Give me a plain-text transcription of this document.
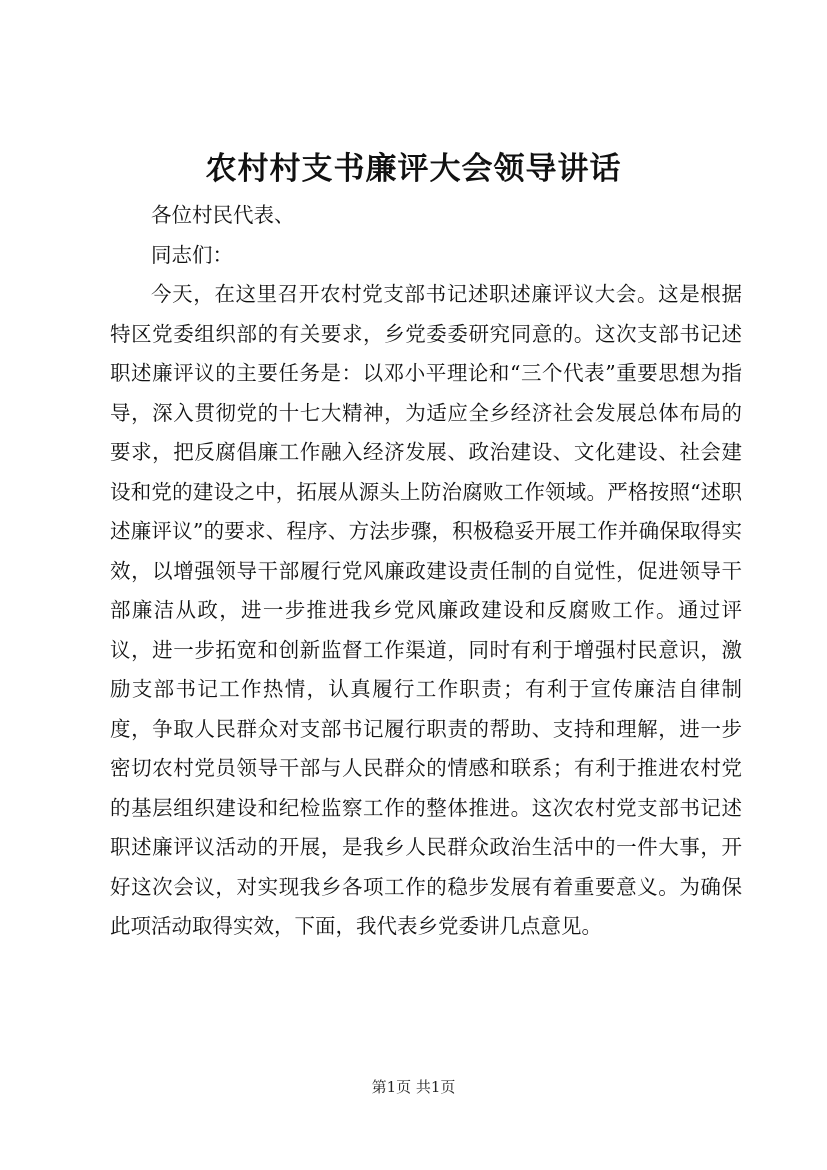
农村村支书廉评大会领导讲话

各位村民代表、

同志们：

今天，在这里召开农村党支部书记述职述廉评议大会。这是根据特区党委组织部的有关要求，乡党委委研究同意的。这次支部书记述职述廉评议的主要任务是：以邓小平理论和“三个代表”重要思想为指导，深入贯彻党的十七大精神，为适应全乡经济社会发展总体布局的要求，把反腐倡廉工作融入经济发展、政治建设、文化建设、社会建设和党的建设之中，拓展从源头上防治腐败工作领域。严格按照“述职述廉评议”的要求、程序、方法步骤，积极稳妥开展工作并确保取得实效，以增强领导干部履行党风廉政建设责任制的自觉性，促进领导干部廉洁从政，进一步推进我乡党风廉政建设和反腐败工作。通过评议，进一步拓宽和创新监督工作渠道，同时有利于增强村民意识，激励支部书记工作热情，认真履行工作职责；有利于宣传廉洁自律制度，争取人民群众对支部书记履行职责的帮助、支持和理解，进一步密切农村党员领导干部与人民群众的情感和联系；有利于推进农村党的基层组织建设和纪检监察工作的整体推进。这次农村党支部书记述职述廉评议活动的开展，是我乡人民群众政治生活中的一件大事，开好这次会议，对实现我乡各项工作的稳步发展有着重要意义。为确保此项活动取得实效，下面，我代表乡党委讲几点意见。

第1页 共1页
